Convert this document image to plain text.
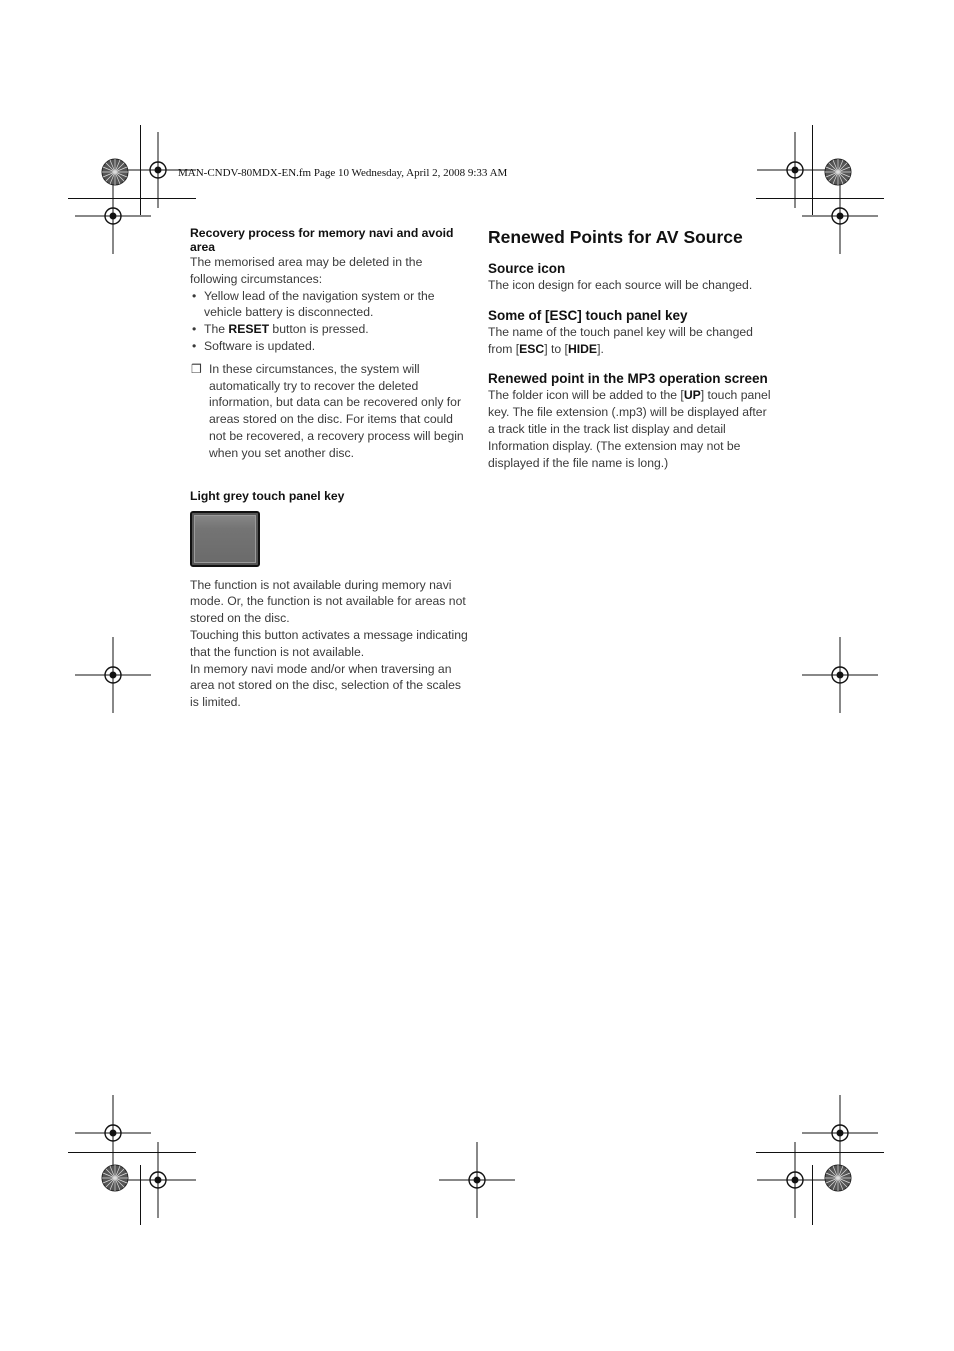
MAN-CNDV-80MDX-EN.fm Page 10 Wednesday, April 2, 2008 9:33 AM
Recovery process for memory navi and avoid area

The memorised area may be deleted in the following circumstances:

• Yellow lead of the navigation system or the vehicle battery is disconnected.
• The RESET button is pressed.
• Software is updated.
❒ In these circumstances, the system will automatically try to recover the deleted information, but data can be recovered only for areas stored on the disc. For items that could not be recovered, a recovery process will begin when you set another disc.
Light grey touch panel key

The function is not available during memory navi mode. Or, the function is not available for areas not stored on the disc.

Touching this button activates a message indicating that the function is not available.

In memory navi mode and/or when traversing an area not stored on the disc, selection of the scales is limited.

Renewed Points for AV Source
Source icon

The icon design for each source will be changed.

Some of [ESC] touch panel key

The name of the touch panel key will be changed from [ESC] to [HIDE].

Renewed point in the MP3 operation screen

The folder icon will be added to the [UP] touch panel key. The file extension (.mp3) will be displayed after a track title in the track list display and detail Information display. (The extension may not be displayed if the file name is long.)
